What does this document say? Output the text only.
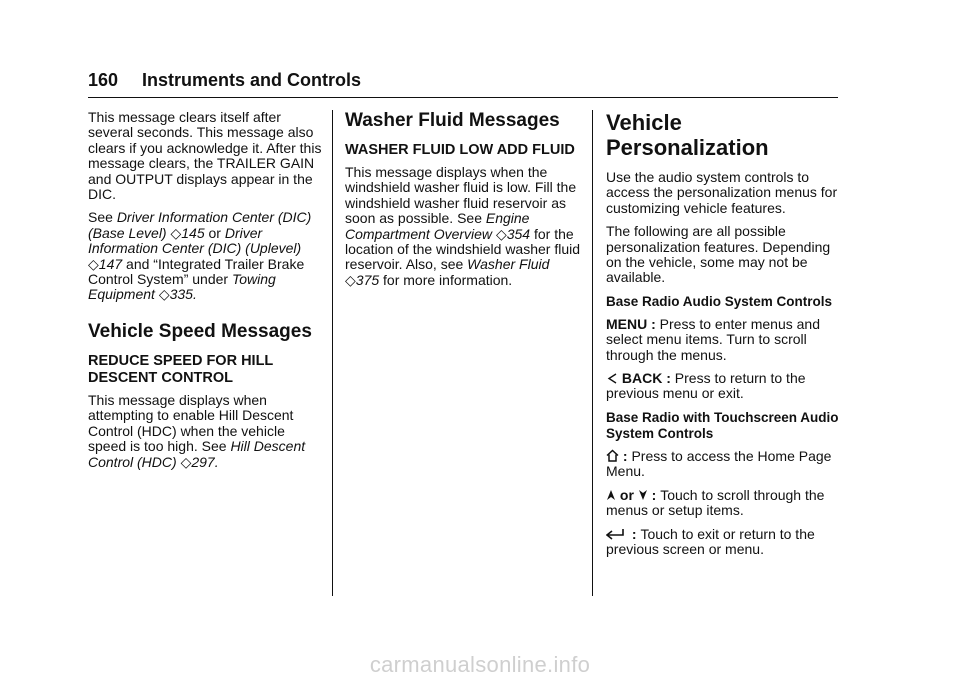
160 Instruments and Controls

This message clears itself after several seconds. This message also clears if you acknowledge it. After this message clears, the TRAILER GAIN and OUTPUT displays appear in the DIC.

See Driver Information Center (DIC) (Base Level) ◇145 or Driver Information Center (DIC) (Uplevel) ◇147 and “Integrated Trailer Brake Control System” under Towing Equipment ◇335.

Vehicle Speed Messages
REDUCE SPEED FOR HILL DESCENT CONTROL

This message displays when attempting to enable Hill Descent Control (HDC) when the vehicle speed is too high. See Hill Descent Control (HDC) ◇297.

Washer Fluid Messages
WASHER FLUID LOW ADD FLUID

This message displays when the windshield washer fluid is low. Fill the windshield washer fluid reservoir as soon as possible. See Engine Compartment Overview ◇354 for the location of the windshield washer fluid reservoir. Also, see Washer Fluid ◇375 for more information.

Vehicle
Personalization

Use the audio system controls to access the personalization menus for customizing vehicle features.

The following are all possible personalization features. Depending on the vehicle, some may not be available.

Base Radio Audio System Controls

MENU : Press to enter menus and select menu items. Turn to scroll through the menus.

BACK : Press to return to the previous menu or exit.

Base Radio with Touchscreen Audio System Controls

: Press to access the Home Page Menu.

or  : Touch to scroll through the menus or setup items.

: Touch to exit or return to the previous screen or menu.

carmanualsonline.info
